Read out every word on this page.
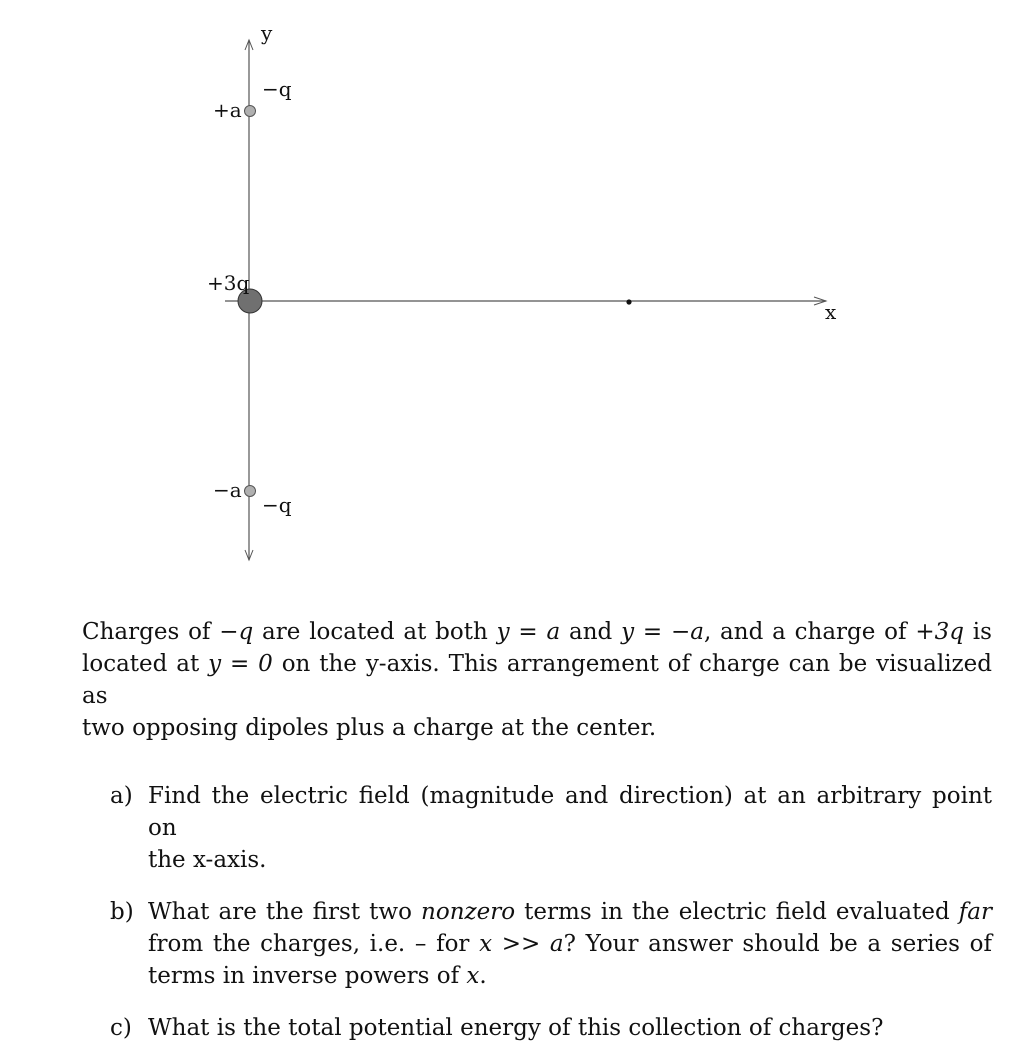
y
x
+a
−q
+3q
−a
−q

Charges of −q are located at both y = a and y = −a, and a charge of +3q is
located at y = 0 on the y-axis. This arrangement of charge can be visualized as
two opposing dipoles plus a charge at the center.

a) Find the electric field (magnitude and direction) at an arbitrary point on
the x-axis.
b) What are the first two nonzero terms in the electric field evaluated far
from the charges, i.e. – for x >> a? Your answer should be a series of
terms in inverse powers of x.
c) What is the total potential energy of this collection of charges?
